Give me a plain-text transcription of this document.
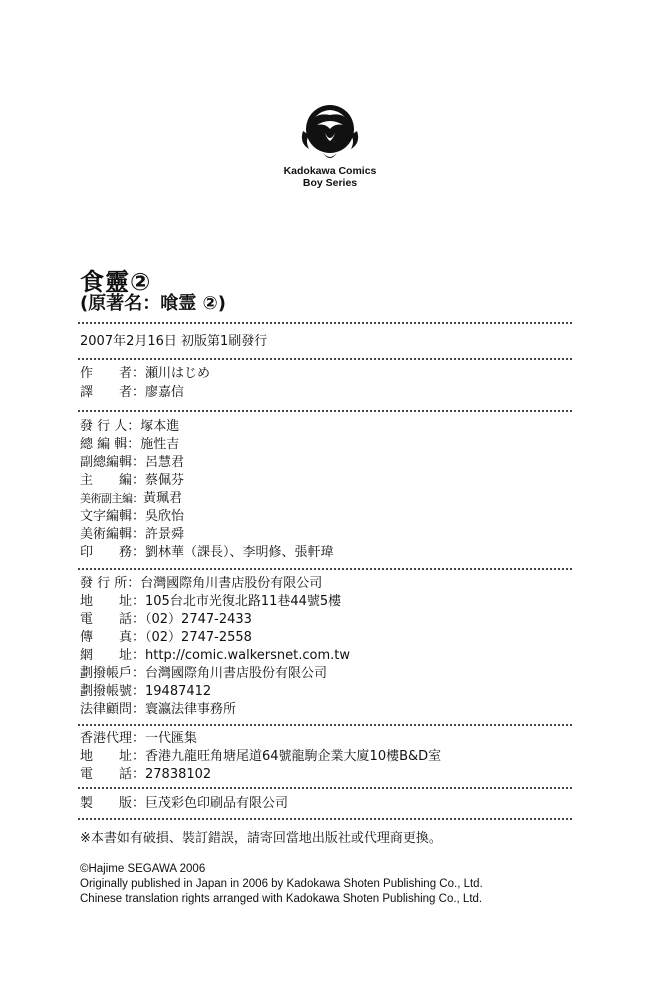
Kadokawa Comics
Boy Series
食靈②
(原著名：喰霊 ②)
2007年2月16日 初版第1刷發行
作　　者：瀬川はじめ
譯　　者：廖嘉信
發 行 人：塚本進
總 編 輯：施性吉
副總編輯：呂慧君
主　　編：蔡佩芬
美術副主編：黃珮君
文字編輯：吳欣怡
美術編輯：許景舜
印　　務：劉林華（課長）、李明修、張軒瑋
發 行 所：台灣國際角川書店股份有限公司
地　　址：105台北市光復北路11巷44號5樓
電　　話：（02）2747-2433
傳　　真：（02）2747-2558
網　　址：http://comic.walkersnet.com.tw
劃撥帳戶：台灣國際角川書店股份有限公司
劃撥帳號：19487412
法律顧問：寰瀛法律事務所
香港代理：一代匯集
地　　址：香港九龍旺角塘尾道64號龍駒企業大廈10樓B&D室
電　　話：27838102
製　　版：巨茂彩色印刷品有限公司
※本書如有破損、裝訂錯誤，請寄回當地出版社或代理商更換。
©Hajime SEGAWA 2006
Originally published in Japan in 2006 by Kadokawa Shoten Publishing Co., Ltd.
Chinese translation rights arranged with Kadokawa Shoten Publishing Co., Ltd.
